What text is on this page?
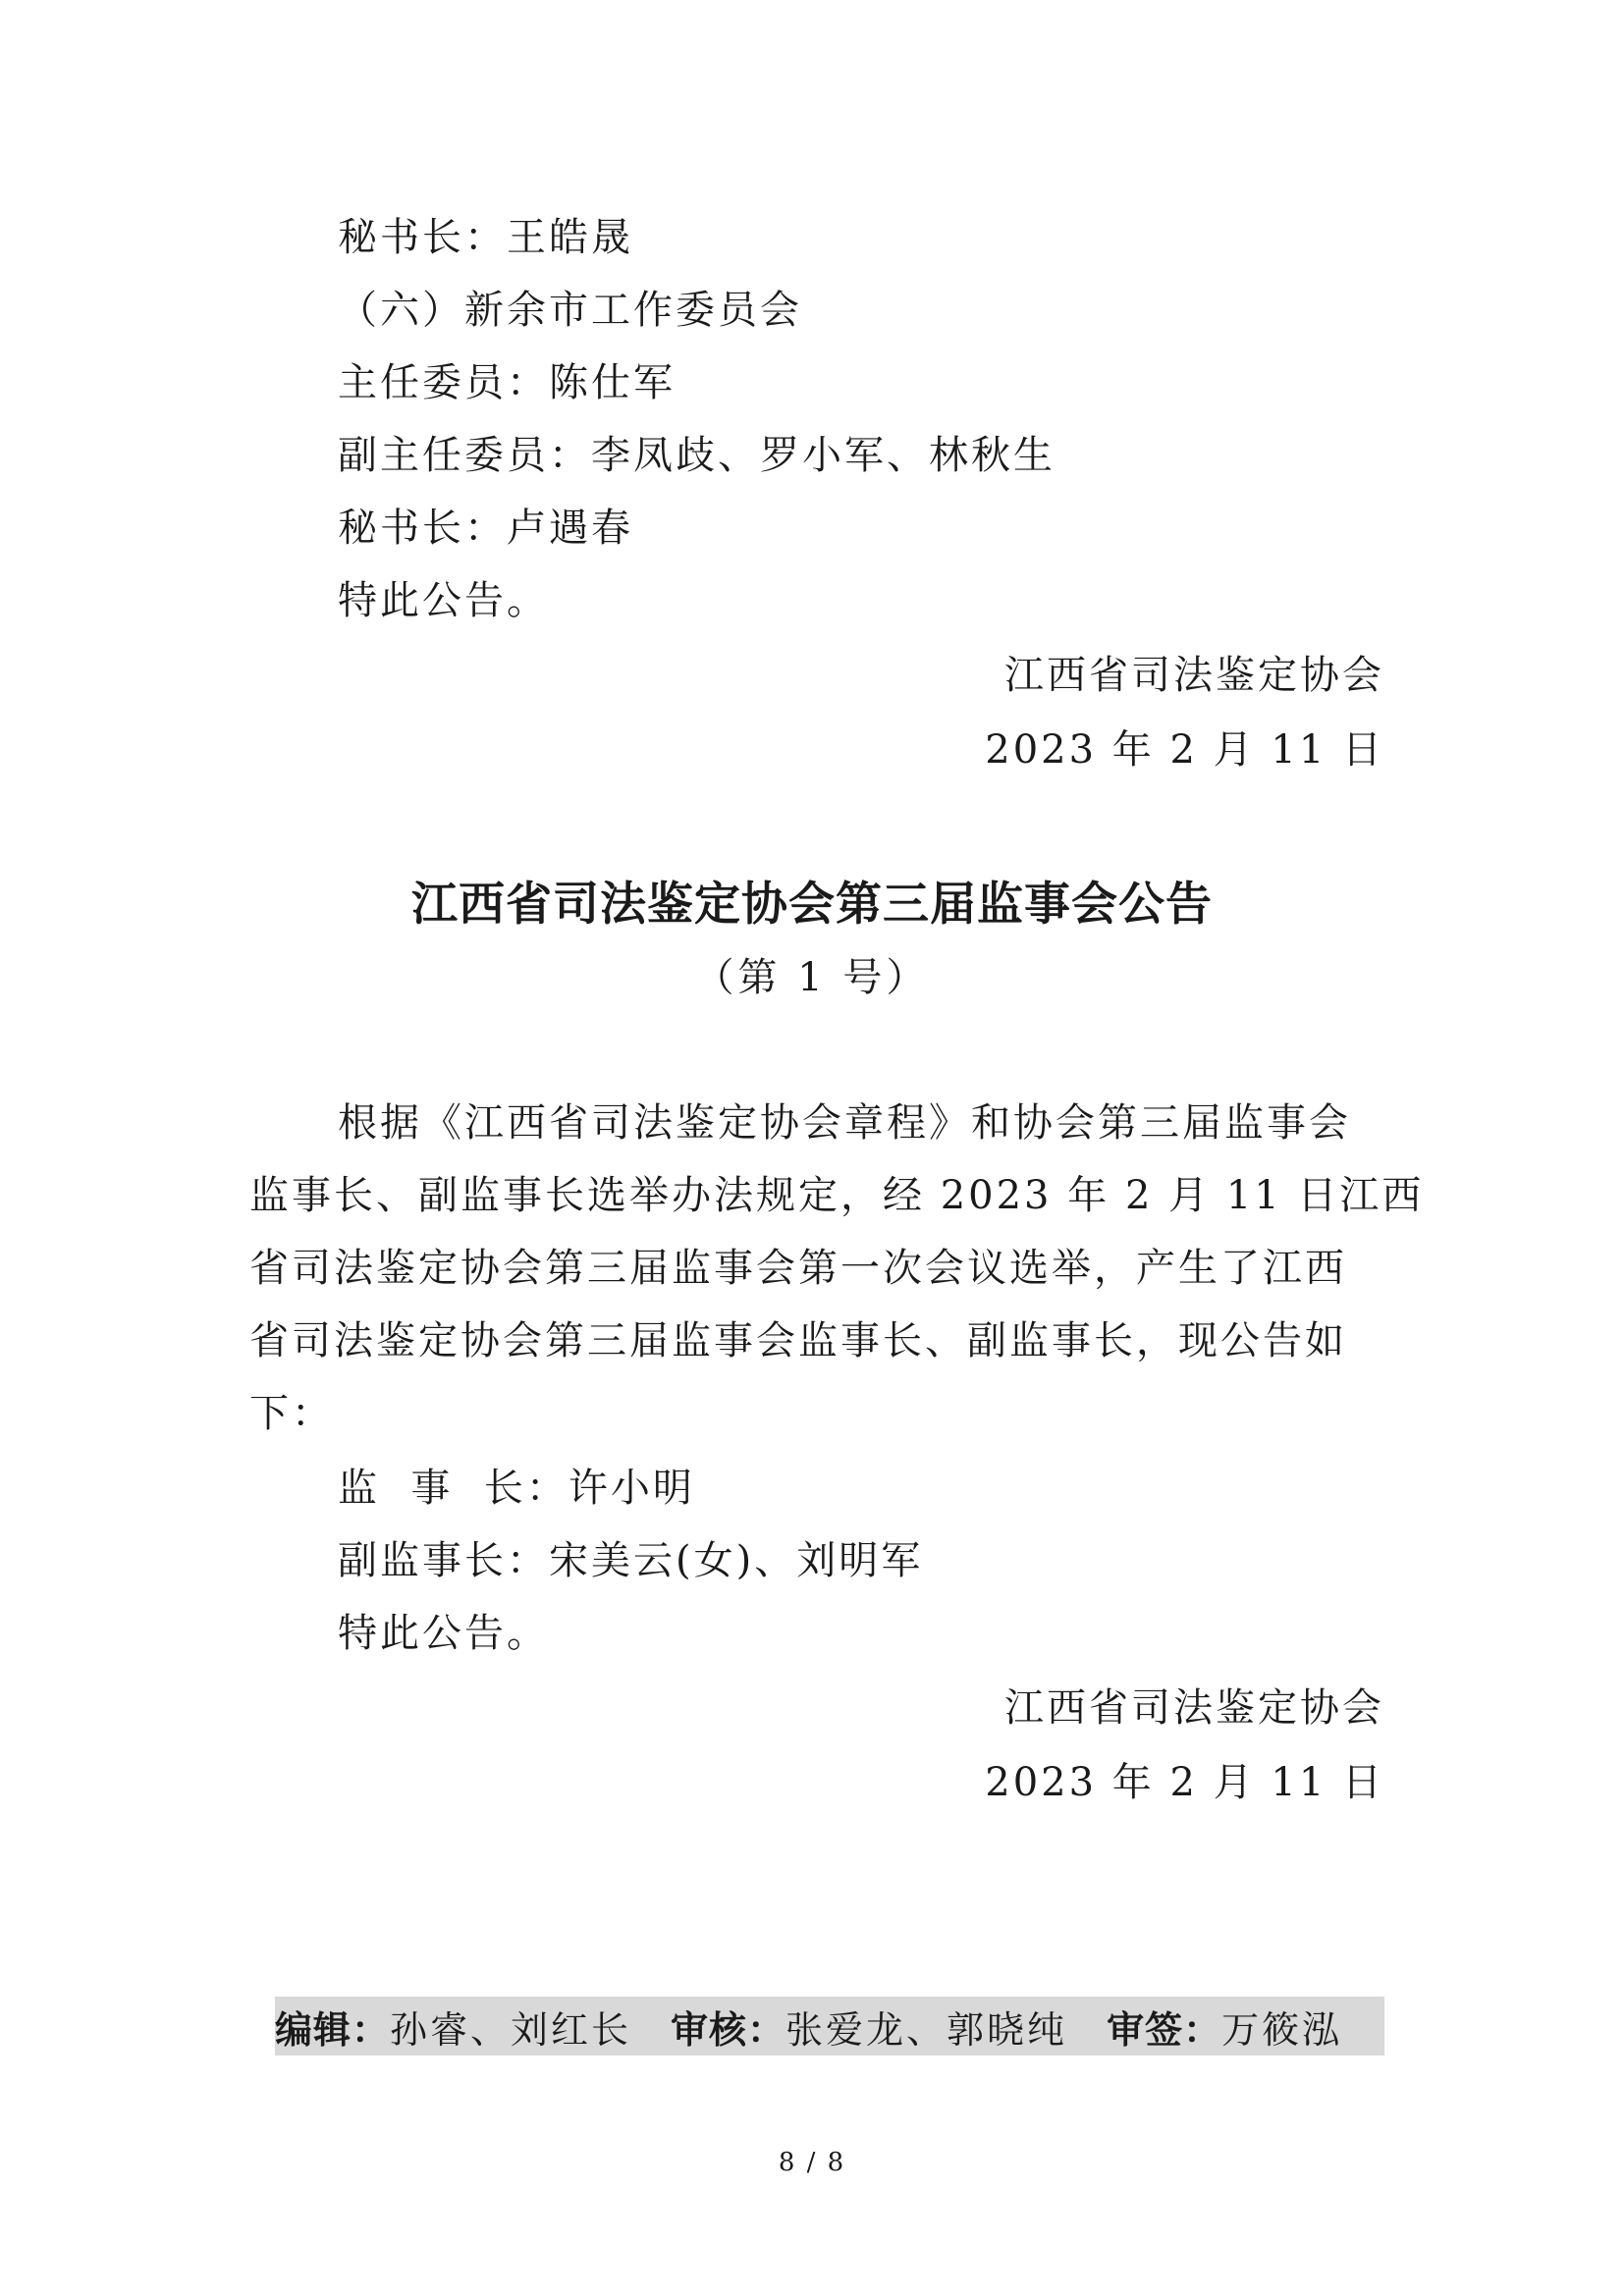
秘书长：王皓晟
（六）新余市工作委员会
主任委员：陈仕军
副主任委员：李凤歧、罗小军、林秋生
秘书长：卢遇春
特此公告。
江西省司法鉴定协会
2023 年 2 月 11 日
江西省司法鉴定协会第三届监事会公告
（第 1 号）
根据《江西省司法鉴定协会章程》和协会第三届监事会
监事长、副监事长选举办法规定，经 2023 年 2 月 11 日江西
省司法鉴定协会第三届监事会第一次会议选举，产生了江西
省司法鉴定协会第三届监事会监事长、副监事长，现公告如
下：
监  事  长：许小明
副监事长：宋美云(女)、刘明军
特此公告。
江西省司法鉴定协会
2023 年 2 月 11 日
编辑： 孙睿、刘红长 审核： 张爱龙、郭晓纯 审签： 万筱泓
8 / 8
